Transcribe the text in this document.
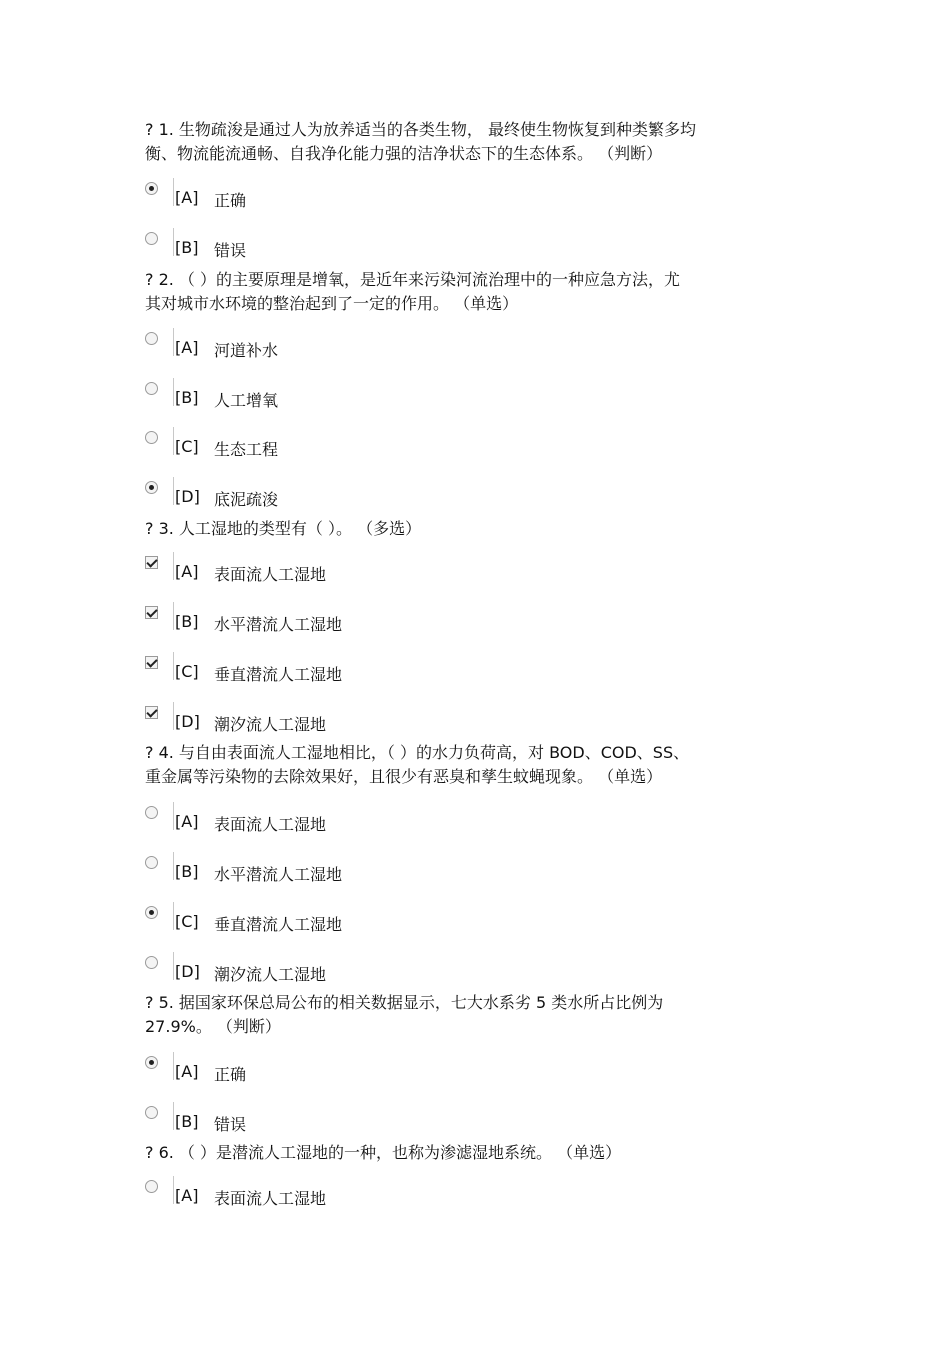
? 1. 生物疏浚是通过人为放养适当的各类生物， 最终使生物恢复到种类繁多均
衡、物流能流通畅、自我净化能力强的洁净状态下的生态体系。 （判断）
[A] 正确
[B] 错误
? 2. （ ）的主要原理是增氧，是近年来污染河流治理中的一种应急方法，尤
其对城市水环境的整治起到了一定的作用。 （单选）
[A] 河道补水
[B] 人工增氧
[C] 生态工程
[D] 底泥疏浚
? 3. 人工湿地的类型有（ ）。 （多选）
[A] 表面流人工湿地
[B] 水平潜流人工湿地
[C] 垂直潜流人工湿地
[D] 潮汐流人工湿地
? 4. 与自由表面流人工湿地相比，（ ）的水力负荷高，对 BOD、COD、SS、
重金属等污染物的去除效果好，且很少有恶臭和孳生蚊蝇现象。 （单选）
[A] 表面流人工湿地
[B] 水平潜流人工湿地
[C] 垂直潜流人工湿地
[D] 潮汐流人工湿地
? 5. 据国家环保总局公布的相关数据显示，七大水系劣 5 类水所占比例为
27.9%。 （判断）
[A] 正确
[B] 错误
? 6. （ ）是潜流人工湿地的一种，也称为渗滤湿地系统。 （单选）
[A] 表面流人工湿地
